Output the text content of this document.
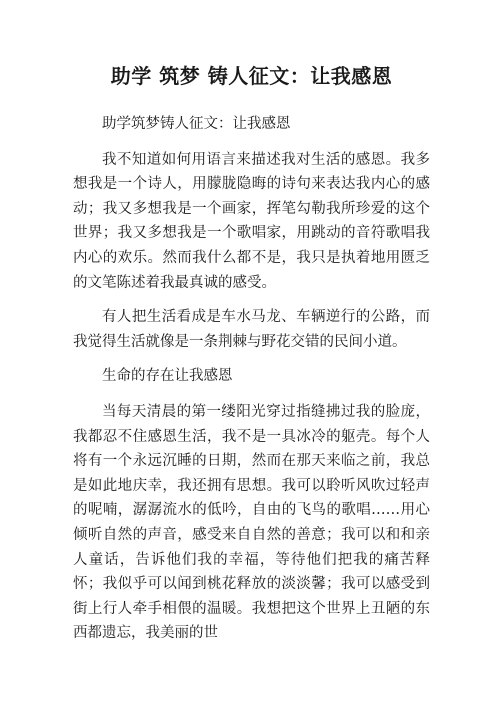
助学 筑梦 铸人征文：让我感恩

助学筑梦铸人征文：让我感恩

我不知道如何用语言来描述我对生活的感恩。我多想我是一个诗人，用朦胧隐晦的诗句来表达我内心的感动；我又多想我是一个画家，挥笔勾勒我所珍爱的这个世界；我又多想我是一个歌唱家，用跳动的音符歌唱我内心的欢乐。然而我什么都不是，我只是执着地用匮乏的文笔陈述着我最真诚的感受。

有人把生活看成是车水马龙、车辆逆行的公路，而我觉得生活就像是一条荆棘与野花交错的民间小道。

生命的存在让我感恩

当每天清晨的第一缕阳光穿过指缝拂过我的脸庞，我都忍不住感恩生活，我不是一具冰冷的躯壳。每个人将有一个永远沉睡的日期，然而在那天来临之前，我总是如此地庆幸，我还拥有思想。我可以聆听风吹过轻声的呢喃，潺潺流水的低吟，自由的飞鸟的歌唱……用心倾听自然的声音，感受来自自然的善意；我可以和和亲人童话，告诉他们我的幸福，等待他们把我的痛苦释怀；我似乎可以闻到桃花释放的淡淡馨；我可以感受到街上行人牵手相偎的温暖。我想把这个世界上丑陋的东西都遗忘，我美丽的世
